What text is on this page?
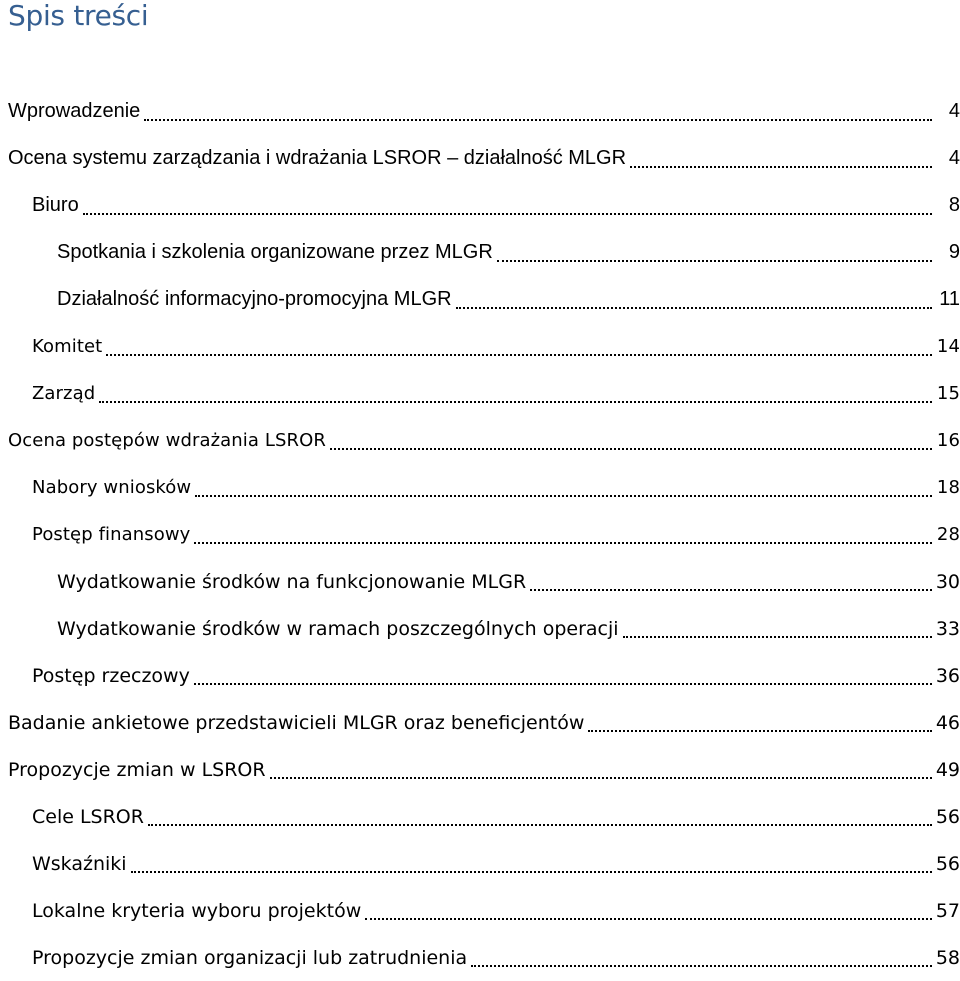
Spis treści
Wprowadzenie	4
Ocena systemu zarządzania i wdrażania LSROR – działalność MLGR	4
Biuro	8
Spotkania i szkolenia organizowane przez MLGR	9
Działalność informacyjno-promocyjna MLGR	11
Komitet	14
Zarząd	15
Ocena postępów wdrażania LSROR	16
Nabory wniosków	18
Postęp finansowy	28
Wydatkowanie środków na funkcjonowanie MLGR	30
Wydatkowanie środków w ramach poszczególnych operacji	33
Postęp rzeczowy	36
Badanie ankietowe przedstawicieli MLGR oraz beneficjentów	46
Propozycje zmian w LSROR	49
Cele LSROR	56
Wskaźniki	56
Lokalne kryteria wyboru projektów	57
Propozycje zmian organizacji lub zatrudnienia	58
